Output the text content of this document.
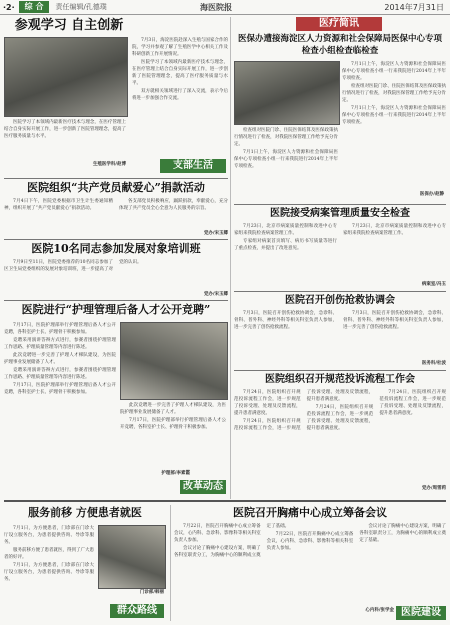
·2·	综 合	责任编辑/孔德璞	海医院报	2014年7月31日
参观学习 自主创新

7月3日，海淀医院赴深入生殖与国家合作的院，学习并参观了解了生殖医学中心相关工作及科研创新工作开展情况。

医院学习了本领域内最新医疗技术与理念，在医疗管理上结合自身实际开展工作，进一步创新了医院管理理念，提高了医疗服务质量与水平。

双方就相关领域进行了深入交流，表示今后将进一步加强合作交流。

医院学习了本领域内最新医疗技术与理念，在医疗管理上结合自身实际开展工作，进一步创新了医院管理理念，提高了医疗服务质量与水平。

生殖医学科/赵博	支部生活
医院组织“共产党员献爱心”捐款活动

7月4日下午，医院党委根据市卫生计生委通知精神，组织开展了“共产党员献爱心”捐款活动。

各支部党员积极响应，踊跃捐款，奉献爱心，充分体现了共产党员全心全意为人民服务的宗旨。

党办/宋玉卿
医院10名同志参加发展对象培训班

7月9日至11日，医院党委推荐的10名同志参加了区卫生局党委组织的发展对象培训班，进一步提高了对党的认识。

党办/宋玉卿
医院进行“护理管理后备人才公开竞聘”

7月17日，医院护理部举行护理管理后备人才公开竞聘，各科室护士长、护理骨干积极参加。

竞聘采用演讲答辩方式进行，参赛者围绕护理管理工作思路、护理质量管理等内容进行陈述。

此次竞聘进一步完善了护理人才梯队建设，为医院护理事业发展储备了人才。

竞聘采用演讲答辩方式进行，参赛者围绕护理管理工作思路、护理质量管理等内容进行陈述。

7月17日，医院护理部举行护理管理后备人才公开竞聘，各科室护士长、护理骨干积极参加。

此次竞聘进一步完善了护理人才梯队建设，为医院护理事业发展储备了人才。

7月17日，医院护理部举行护理管理后备人才公开竞聘，各科室护士长、护理骨干积极参加。

护理部/李素霞
改革动态
医疗简讯
医保办遭接海淀区人力资源和社会保障局医保中心专项检查小组检查临检查

7月1日上午，海淀区人力资源和社会保障局医保中心专项检查小组一行来我院进行2014年上半年专项检查。

检查组对医院门诊、住院医保结算及医保政策执行情况进行了检查，对我院医保管理工作给予充分肯定。

7月1日上午，海淀区人力资源和社会保障局医保中心专项检查小组一行来我院进行2014年上半年专项检查。

检查组对医院门诊、住院医保结算及医保政策执行情况进行了检查，对我院医保管理工作给予充分肯定。

7月1日上午，海淀区人力资源和社会保障局医保中心专项检查小组一行来我院进行2014年上半年专项检查。

医保办/赵静
医院接受病案管理质量安全检查

7月23日，北京市病案质量控制和改进中心专家组来我院检查病案管理工作。

专家组对病案首页填写、病历书写质量等进行了重点检查，并提出了改进意见。

7月23日，北京市病案质量控制和改进中心专家组来我院检查病案管理工作。

病案室/冯玉
医院召开创伤抢救协调会

7月3日，医院召开创伤抢救协调会，急诊科、骨科、普外科、神经外科等相关科室负责人参加，进一步完善了创伤抢救流程。

7月3日，医院召开创伤抢救协调会，急诊科、骨科、普外科、神经外科等相关科室负责人参加，进一步完善了创伤抢救流程。

医务科/杜波
医院组织召开规范投诉流程工作会

7月24日，医院组织召开规范投诉流程工作会，进一步规范了投诉受理、处理及反馈流程，提升患者满意度。

7月24日，医院组织召开规范投诉流程工作会，进一步规范了投诉受理、处理及反馈流程，提升患者满意度。

7月24日，医院组织召开规范投诉流程工作会，进一步规范了投诉受理、处理及反馈流程，提升患者满意度。

7月24日，医院组织召开规范投诉流程工作会，进一步规范了投诉受理、处理及反馈流程，提升患者满意度。

党办/周雪莉
服务前移 方便患者就医

7月1日，为方便患者，门诊部在门诊大厅设立服务台，为患者提供咨询、导诊等服务。

服务前移方便了患者就医，得到了广大患者的好评。

7月1日，为方便患者，门诊部在门诊大厅设立服务台，为患者提供咨询、导诊等服务。

门诊部/韩丽
群众路线
医院召开胸痛中心成立筹备会议

7月22日，医院召开胸痛中心成立筹备会议，心内科、急诊科、影像科等相关科室负责人参加。

会议讨论了胸痛中心建设方案，明确了各科室职责分工，为胸痛中心的顺利成立奠定了基础。

7月22日，医院召开胸痛中心成立筹备会议，心内科、急诊科、影像科等相关科室负责人参加。

会议讨论了胸痛中心建设方案，明确了各科室职责分工，为胸痛中心的顺利成立奠定了基础。

心内科/张学金 医院建设
